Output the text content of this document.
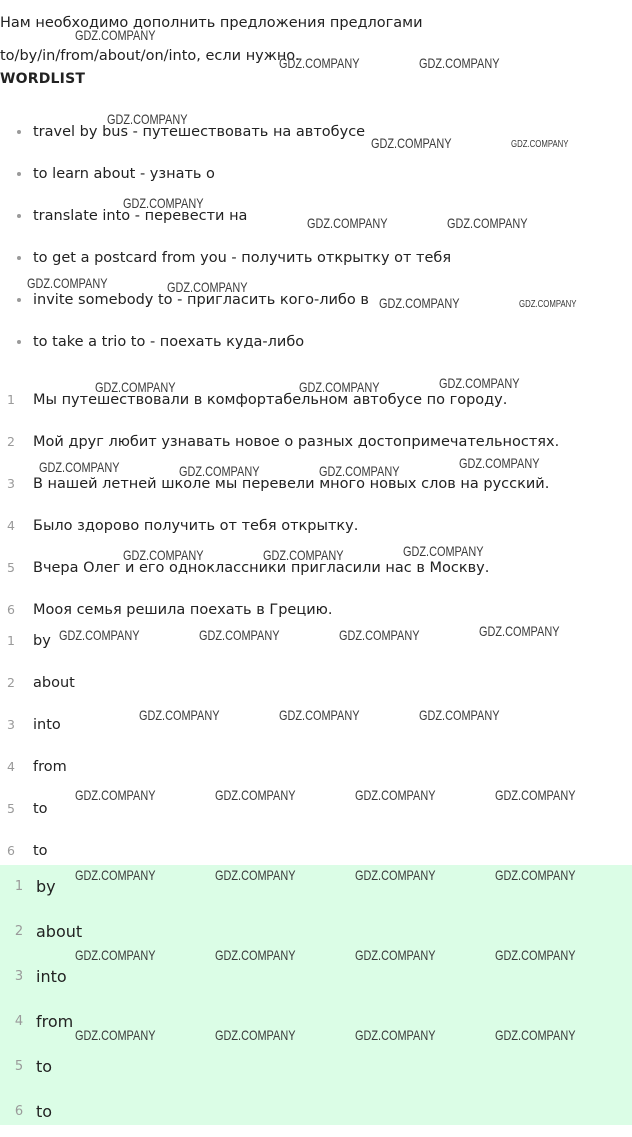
Нам необходимо дополнить предложения предлогами
to/by/in/from/about/on/into, если нужно.
WORDLIST
travel by bus - путешествовать на автобусе
to learn about - узнать о
translate into - перевести на
to get a postcard from you - получить открытку от тебя
invite somebody to - пригласить кого-либо в
to take a trio to - поехать куда-либо
1	Мы путешествовали в комфортабельном автобусе по городу.
2	Мой друг любит узнавать новое о разных достопримечательностях.
3	В нашей летней школе мы перевели много новых слов на русский.
4	Было здорово получить от тебя открытку.
5	Вчера Олег и его одноклассники пригласили нас в Москву.
6	Мооя семья решила поехать в Грецию.
1	by
2	about
3	into
4	from
5	to
6	to
1 by
2 about
3 into
4 from
5 to
6 to
GDZ.COMPANY
GDZ.COMPANY	GDZ.COMPANY
GDZ.COMPANY
GDZ.COMPANY	GDZ.COMPANY
GDZ.COMPANY
GDZ.COMPANY	GDZ.COMPANY
GDZ.COMPANY	GDZ.COMPANY
GDZ.COMPANY	GDZ.COMPANY
GDZ.COMPANY	GDZ.COMPANY	GDZ.COMPANY
GDZ.COMPANY	GDZ.COMPANY	GDZ.COMPANY	GDZ.COMPANY
GDZ.COMPANY	GDZ.COMPANY	GDZ.COMPANY
GDZ.COMPANY	GDZ.COMPANY	GDZ.COMPANY	GDZ.COMPANY
GDZ.COMPANY	GDZ.COMPANY	GDZ.COMPANY
GDZ.COMPANY	GDZ.COMPANY	GDZ.COMPANY	GDZ.COMPANY
GDZ.COMPANY	GDZ.COMPANY	GDZ.COMPANY	GDZ.COMPANY
GDZ.COMPANY	GDZ.COMPANY	GDZ.COMPANY	GDZ.COMPANY
GDZ.COMPANY	GDZ.COMPANY	GDZ.COMPANY	GDZ.COMPANY
